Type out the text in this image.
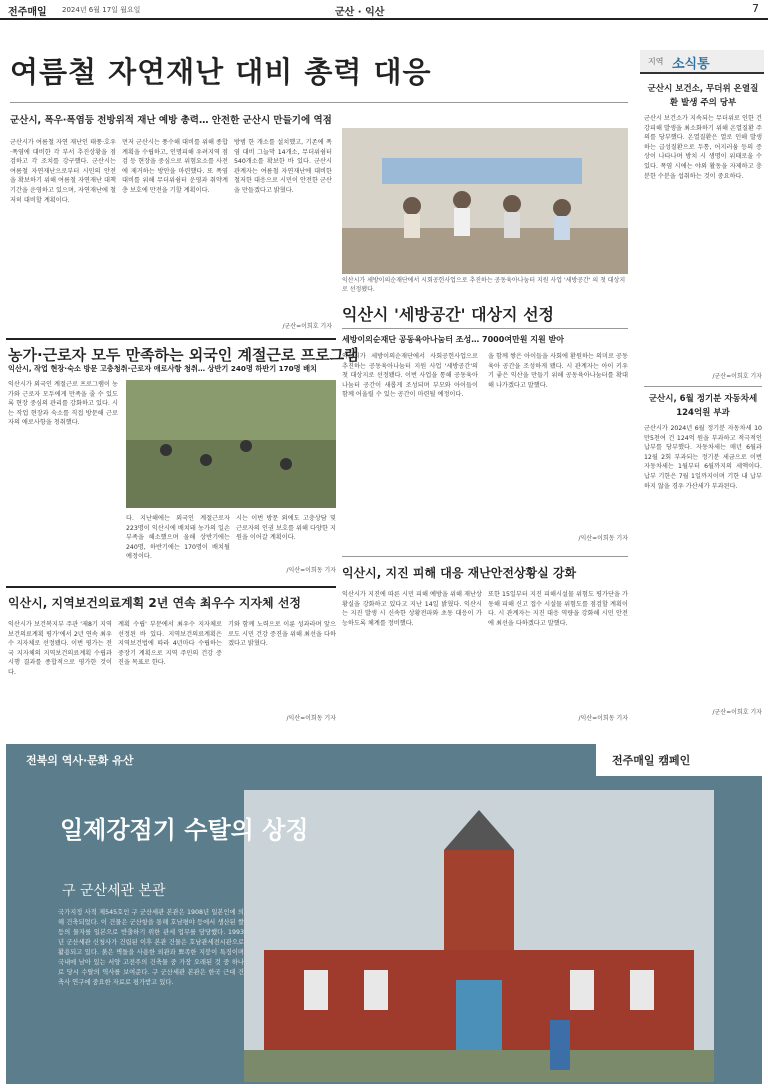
전주매일 2024년 6월 17일 월요일	군산 · 익산	7
여름철 자연재난 대비 총력 대응
군산시, 폭우·폭염등 전방위적 재난 예방 총력… 안전한 군산시 만들기에 역점
군산시가 여름철 자연 재난인 태풍·호우·폭염에 대비한 각 부서 추진상황을 점검하고 각 조치를 강구했다. 군산시는 여름철 자연재난으로부터 시민의 안전을 확보하기 위해 여름철 자연재난 대책기간을 운영하고 있으며, 자연재난에 철저히 대비할 계획이다.
먼저 군산시는 풍수해 대비를 위해 종합계획을 수립하고, 인명피해 우려지역 점검 등 현장을 중심으로 위험요소를 사전에 제거하는 방안을 마련했다. 또 폭염 대비를 위해 무더위쉼터 운영과 취약계층 보호에 만전을 기할 계획이다.
방범 한 개소를 설치했고, 기존에 폭염 대비 그늘막 14개소, 무더위쉼터 540개소를 확보한 바 있다. 군산시 관계자는 여름철 자연재난에 대비한 철저한 대응으로 시민이 안전한 군산을 만들겠다고 밝혔다.
/군산=이희호 기자
익산시가 세방이의순재단에서 시회공헌사업으로 추진하는 공동육아나눔터 지원 사업 '세방공간' 의 첫 대상지로 선정됐다.
익산시 '세방공간' 대상지 선정
세방이의순재단 공동육아나눔터 조성… 7000여만원 지원 받아
익산시가 세방이의순재단에서 사회공헌사업으로 추진하는 공동육아나눔터 지원 사업 '세방공간'의 첫 대상지로 선정됐다. 이번 사업을 통해 공동육아나눔터 공간이 새롭게 조성되며 부모와 아이들이 함께 어울릴 수 있는 공간이 마련될 예정이다.
을 함께 쌓은 아이들을 사회에 환원하는 의미로 공동육아 공간을 조성하게 됐다. 시 관계자는 아이 키우기 좋은 익산을 만들기 위해 공동육아나눔터를 확대해 나가겠다고 말했다.
/익산=이희동 기자
농가·근로자 모두 만족하는 외국인 계절근로 프로그램
익산시, 작업 현장·숙소 방문 고충청취·근로자 애로사항 청취… 상반기 240명 하반기 170명 배치
익산시가 외국인 계절근로 프로그램이 농가와 근로자 모두에게 만족을 줄 수 있도록 현장 중심의 관리를 강화하고 있다. 시는 작업 현장과 숙소를 직접 방문해 근로자의 애로사항을 청취했다.
다. 지난해에는 외국인 계절근로자 223명이 익산시에 배치돼 농가의 일손 부족을 해소했으며 올해 상반기에는 240명, 하반기에는 170명이 배치될 예정이다.
시는 이번 방문 외에도 고충상담 및 근로자의 인권 보호를 위해 다양한 지원을 이어갈 계획이다.
/익산=이희동 기자 익산시, 지진 피해 대응 재난안전상황실 강화
익산시가 지진에 따른 시민 피해 예방을 위해 재난상황실을 강화하고 있다고 지난 14일 밝혔다. 익산시는 지진 발생 시 신속한 상황전파와 초동 대응이 가능하도록 체계를 정비했다.
또한 15일부터 지진 피해시설물 위험도 평가단을 가동해 피해 신고 접수 시설물 위험도를 점검할 계획이다. 시 관계자는 지진 대응 역량을 강화해 시민 안전에 최선을 다하겠다고 말했다.
/익산=이희동 기자
익산시, 지역보건의료계획 2년 연속 최우수 지자체 선정
익산시가 보건복지부 주관 '제8기 지역보건의료계획 평가'에서 2년 연속 최우수 지자체로 선정됐다. 이번 평가는 전국 지자체의 지역보건의료계획 수립과 시행 결과를 종합적으로 평가한 것이다.
계획 수립' 부문에서 최우수 지자체로 선정된 바 있다. 지역보건의료계획은 지역보건법에 따라 4년마다 수립하는 중장기 계획으로 지역 주민의 건강 증진을 목표로 한다.
기와 함께 노력으로 이룬 성과라며 앞으로도 시민 건강 증진을 위해 최선을 다하겠다고 밝혔다.
/익산=이희동 기자
지역 소식통
군산시 보건소, 무더위 온열질환 발생 주의 당부
군산시 보건소가 지속되는 무더위로 인한 건강피해 발생을 최소화하기 위해 온열질환 주의를 당부했다. 온열질환은 열로 인해 발생하는 급성질환으로 두통, 어지러움 등의 증상이 나타나며 방치 시 생명이 위태로울 수 있다. 폭염 시에는 야외 활동을 자제하고 충분한 수분을 섭취하는 것이 중요하다.
/군산=이희호 기자
군산시, 6월 정기분 자동차세 124억원 부과
군산시가 2024년 6월 정기분 자동차세 10만5천여 건 124억 원을 부과하고 적극적인 납부를 당부했다. 자동차세는 매년 6월과 12월 2회 부과되는 정기분 세금으로 이번 자동차세는 1월부터 6월까지의 세액이다. 납부 기한은 7월 1일까지이며 기한 내 납부하지 않을 경우 가산세가 부과된다.
/군산=이희호 기자
전북의 역사·문화 유산	전주매일 캠페인
일제강점기 수탈의 상징
구 군산세관 본관
국가지정 사적 제545호인 구 군산세관 본관은 1908년 일본인에 의해 건축되었다. 이 건물은 군산항을 통해 호남평야 등에서 생산된 쌀 등의 물자를 일본으로 반출하기 위한 관세 업무를 담당했다. 1993년 군산세관 신청사가 건립된 이후 본관 건물은 호남관세전시관으로 활용되고 있다. 붉은 벽돌을 사용한 외관과 뾰족한 지붕이 특징이며 국내에 남아 있는 서양 고전주의 건축물 중 가장 오래된 것 중 하나로 당시 수탈의 역사를 보여준다. 구 군산세관 본관은 한국 근대 건축사 연구에 중요한 자료로 평가받고 있다.
